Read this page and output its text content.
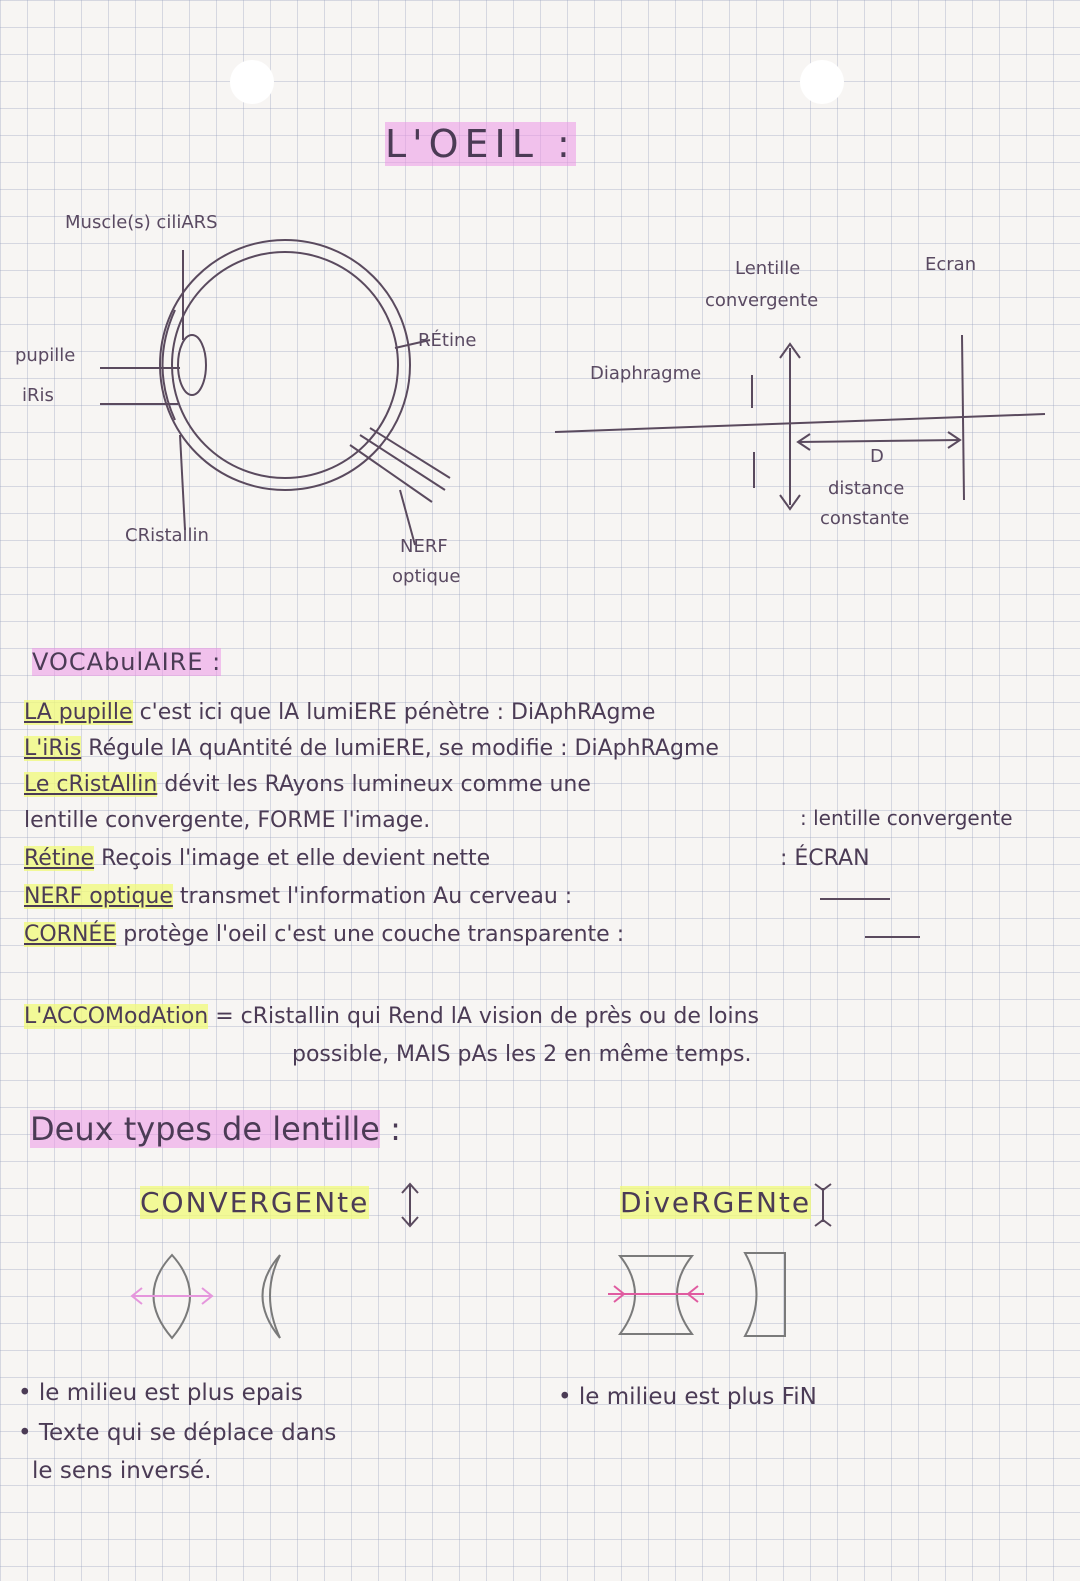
L'OEIL :
Muscle(s) ciliARS
pupille
iRis
RÉtine
CRistallin
NERF
optique
Lentille
convergente
Ecran
Diaphragme
D
distance
constante
VOCAbulAIRE :
LA pupille c'est ici que lA lumiERE pénètre : DiAphRAgme
L'iRis Régule lA quAntité de lumiERE, se modifie : DiAphRAgme
Le cRistAllin dévit les RAyons lumineux comme une
lentille convergente, FORME l'image.	: lentille convergente
Rétine Reçois l'image et elle devient nette	: ÉCRAN
NERF optique transmet l'information Au cerveau :
CORNÉE protège l'oeil c'est une couche transparente :
L'ACCOModAtion = cRistallin qui Rend lA vision de près ou de loins
possible, MAIS pAs les 2 en même temps.
Deux types de lentille :
CONVERGENte	DiveRGENte
• le milieu est plus epais
• Texte qui se déplace dans
le sens inversé.
• le milieu est plus FiN
